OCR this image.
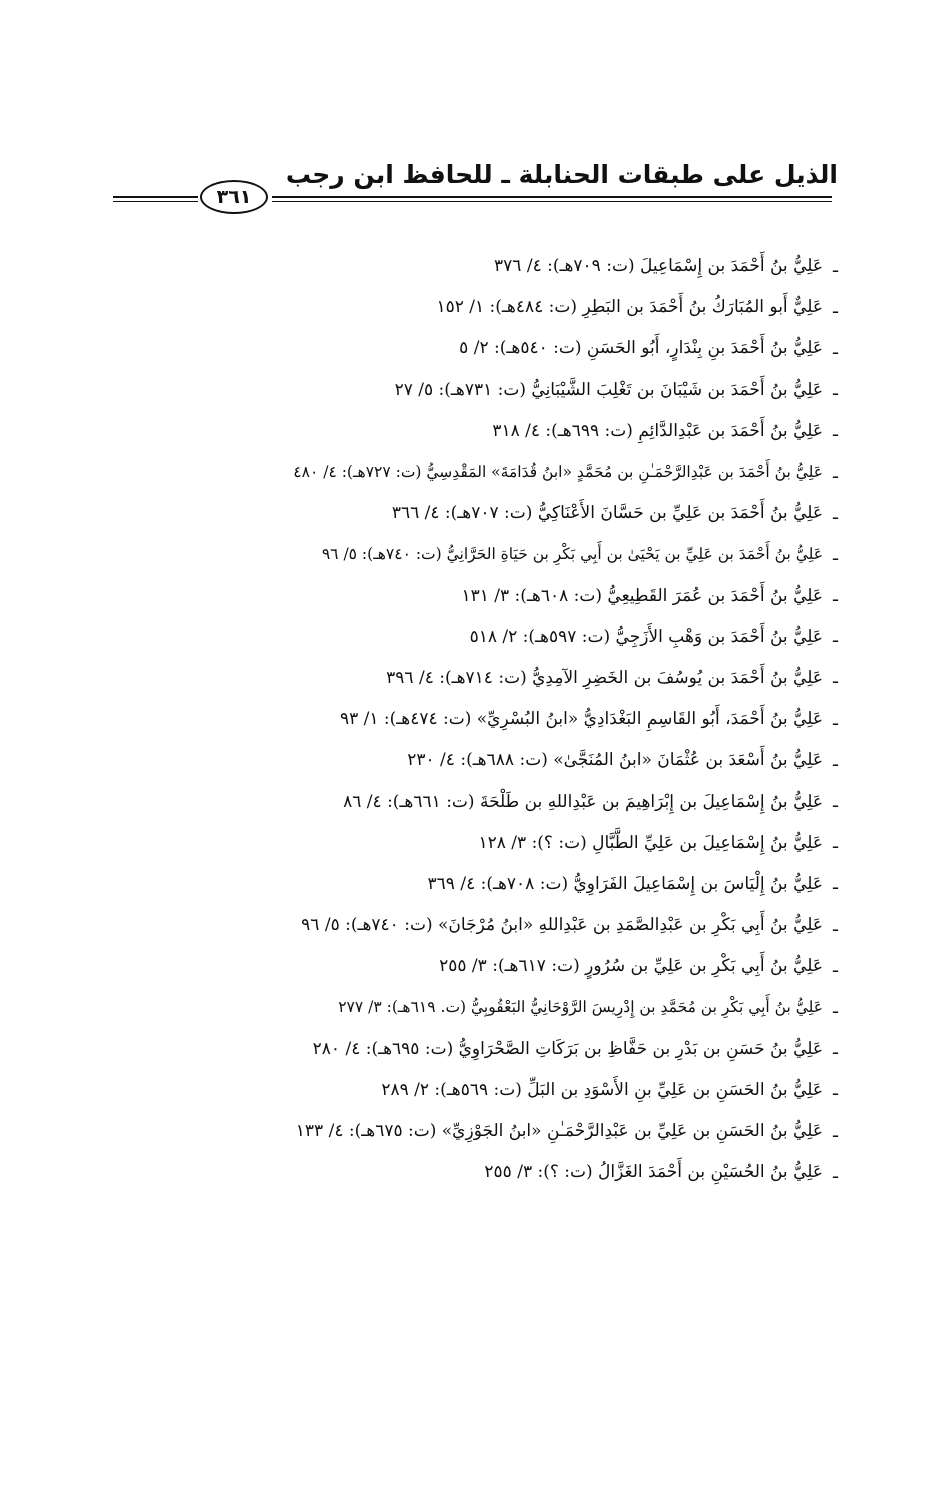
الذيل على طبقات الحنابلة ـ للحافظ ابن رجب
٣٦١
ـ
عَلِيُّ بنُ أَحْمَدَ بن إِسْمَاعِيلَ (ت: ٧٠٩هـ): ٤/ ٣٧٦
ـ
عَلِيٌّ أَبو المُبَارَكُ بنُ أَحْمَدَ بن البَطِرِ (ت: ٤٨٤هـ): ١/ ١٥٢
ـ
عَلِيُّ بنُ أَحْمَدَ بنِ بِنْدَارٍ، أَبُو الحَسَنِ (ت: ٥٤٠هـ): ٢/ ٥
ـ
عَلِيُّ بنُ أَحْمَدَ بن شَيْبَانَ بن تَغْلِبَ الشَّيْبَانِيُّ (ت: ٧٣١هـ): ٥/ ٢٧
ـ
عَلِيُّ بنُ أَحْمَدَ بن عَبْدِالدَّائِمِ (ت: ٦٩٩هـ): ٤/ ٣١٨
ـ
عَلِيُّ بنُ أَحْمَدَ بن عَبْدِالرَّحْمَـٰنِ بن مُحَمَّدٍ «ابنُ قُدَامَةَ» المَقْدِسِيُّ (ت: ٧٢٧هـ): ٤/ ٤٨٠
ـ
عَلِيُّ بنُ أَحْمَدَ بن عَلِيِّ بن حَسَّانَ الأَعْنَاكِيُّ (ت: ٧٠٧هـ): ٤/ ٣٦٦
ـ
عَلِيُّ بنُ أَحْمَدَ بن عَلِيِّ بن يَحْيَىٰ بن أَبِي بَكْرِ بن حَيَاةِ الحَرَّانِيُّ (ت: ٧٤٠هـ): ٥/ ٩٦
ـ
عَلِيُّ بنُ أَحْمَدَ بن عُمَرَ القَطِيعِيُّ (ت: ٦٠٨هـ): ٣/ ١٣١
ـ
عَلِيُّ بنُ أَحْمَدَ بن وَهْبِ الأَزَجِيُّ (ت: ٥٩٧هـ): ٢/ ٥١٨
ـ
عَلِيُّ بنُ أَحْمَدَ بن يُوسُفَ بن الخَضِرِ الآمِدِيُّ (ت: ٧١٤هـ): ٤/ ٣٩٦
ـ
عَلِيُّ بنُ أَحْمَدَ، أَبُو القَاسِمِ البَغْدَادِيُّ «ابنُ البُسْرِيِّ» (ت: ٤٧٤هـ): ١/ ٩٣
ـ
عَلِيُّ بنُ أَسْعَدَ بن عُثْمَانَ «ابنُ المُنَجَّىٰ» (ت: ٦٨٨هـ): ٤/ ٢٣٠
ـ
عَلِيُّ بنُ إِسْمَاعِيلَ بن إِبْرَاهِيمَ بن عَبْدِاللهِ بن طَلْحَةَ (ت: ٦٦١هـ): ٤/ ٨٦
ـ
عَلِيُّ بنُ إِسْمَاعِيلَ بن عَلِيِّ الطَّبَّالِ (ت: ؟): ٣/ ١٢٨
ـ
عَلِيُّ بنُ إِلْيَاسَ بن إِسْمَاعِيلَ الفَرَاوِيُّ (ت: ٧٠٨هـ): ٤/ ٣٦٩
ـ
عَلِيُّ بنُ أَبِي بَكْرِ بن عَبْدِالصَّمَدِ بن عَبْدِاللهِ «ابنُ مُرْجَانَ» (ت: ٧٤٠هـ): ٥/ ٩٦
ـ
عَلِيُّ بنُ أَبِي بَكْرِ بن عَلِيِّ بن سُرُورٍ (ت: ٦١٧هـ): ٣/ ٢٥٥
ـ
عَلِيُّ بنُ أَبِي بَكْرِ بن مُحَمَّدِ بن إِدْرِيسَ الرَّوْحَانِيُّ البَعْقُوبِيُّ (ت. ٦١٩هـ): ٣/ ٢٧٧
ـ
عَلِيُّ بنُ حَسَنِ بن بَدْرِ بن حَفَّاظِ بن بَرَكَاتِ الصَّحْرَاوِيُّ (ت: ٦٩٥هـ): ٤/ ٢٨٠
ـ
عَلِيُّ بنُ الحَسَنِ بن عَلِيِّ بنِ الأَسْوَدِ بن البَلِّ (ت: ٥٦٩هـ): ٢/ ٢٨٩
ـ
عَلِيُّ بنُ الحَسَنِ بن عَلِيِّ بن عَبْدِالرَّحْمَـٰنِ «ابنُ الجَوْزِيِّ» (ت: ٦٧٥هـ): ٤/ ١٣٣
ـ
عَلِيُّ بنُ الحُسَيْنِ بن أَحْمَدَ الغَزَّالُ (ت: ؟): ٣/ ٢٥٥
